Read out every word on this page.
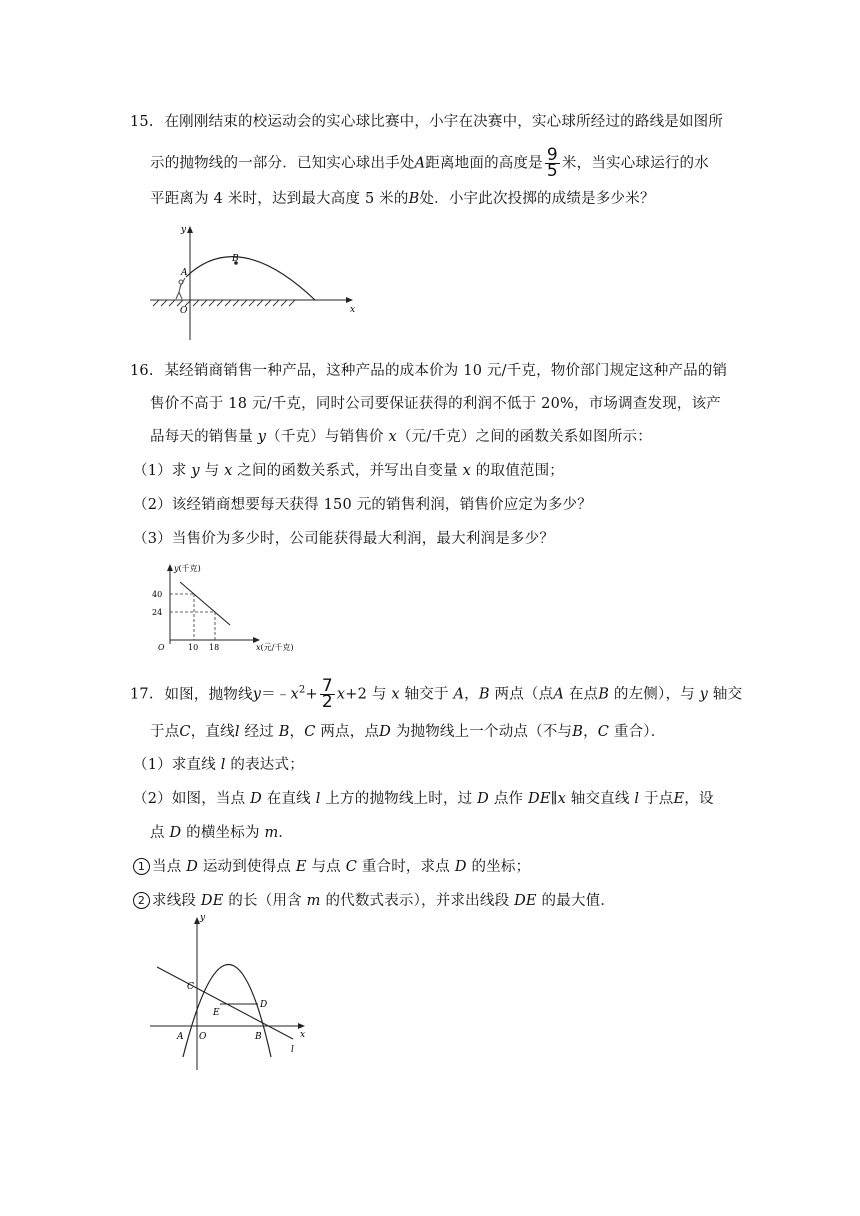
15. 在刚刚结束的校运动会的实心球比赛中，小宇在决赛中，实心球所经过的路线是如图所
示的抛物线的一部分．已知实心球出手处A距离地面的高度是 $\frac{9}{5}$ 米，当实心球运行的水
平距离为 4 米时，达到最大高度 5 米的B处．小宇此次投掷的成绩是多少米？
y
x
O
A
B
16. 某经销商销售一种产品，这种产品的成本价为 10 元/千克，物价部门规定这种产品的销
售价不高于 18 元/千克，同时公司要保证获得的利润不低于 20%，市场调查发现，该产
品每天的销售量 y（千克）与销售价 x（元/千克）之间的函数关系如图所示：
（1）求 y 与 x 之间的函数关系式，并写出自变量 x 的取值范围；
（2）该经销商想要每天获得 150 元的销售利润，销售价应定为多少？
（3）当售价为多少时，公司能获得最大利润，最大利润是多少？
y(千克)
40
24
10 18
O	x(元/千克)
17. 如图，抛物线$y=﹣x^2+ \frac{7}{2} x+2$ 与 x 轴交于 A，B 两点（点A 在点B 的左侧），与 y 轴交
于点C，直线l 经过 B，C 两点，点D 为抛物线上一个动点（不与B，C 重合）．
（1）求直线 l 的表达式；
（2）如图，当点 D 在直线 l 上方的抛物线上时，过 D 点作 DE∥x 轴交直线 l 于点E，设
点 D 的横坐标为 m．
1 当点 D 运动到使得点 E 与点 C 重合时，求点 D 的坐标；
2 求线段 DE 的长（用含 m 的代数式表示），并求出线段 DE 的最大值．
y
x
O
A	B
C
D
E
l
